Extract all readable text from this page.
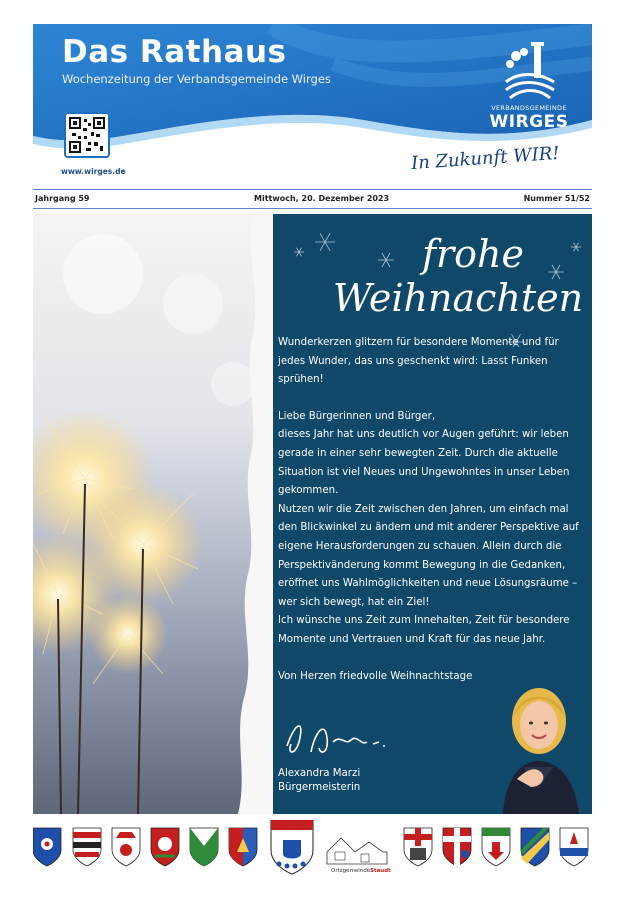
Das Rathaus
Wochenzeitung der Verbandsgemeinde Wirges
VERBANDSGEMEINDE
WIRGES
www.wirges.de	In Zukunft WIR!
Jahrgang 59	Mittwoch, 20. Dezember 2023	Nummer 51/52
frohe
Weihnachten

Wunderkerzen glitzern für besondere Momente und für jedes Wunder, das uns geschenkt wird: Lasst Funken sprühen!

Liebe Bürgerinnen und Bürger,

dieses Jahr hat uns deutlich vor Augen geführt: wir leben gerade in einer sehr bewegten Zeit. Durch die aktuelle Situation ist viel Neues und Ungewohntes in unser Leben gekommen.

Nutzen wir die Zeit zwischen den Jahren, um einfach mal den Blickwinkel zu ändern und mit anderer Perspektive auf eigene Herausforderungen zu schauen. Allein durch die Perspektivänderung kommt Bewegung in die Gedanken, eröffnet uns Wahlmöglichkeiten und neue Lösungsräume – wer sich bewegt, hat ein Ziel!

Ich wünsche uns Zeit zum Innehalten, Zeit für besondere Momente und Vertrauen und Kraft für das neue Jahr.

Von Herzen friedvolle Weihnachtstage

Alexandra Marzi
Bürgermeisterin
Ortsgemeinde Staudt
